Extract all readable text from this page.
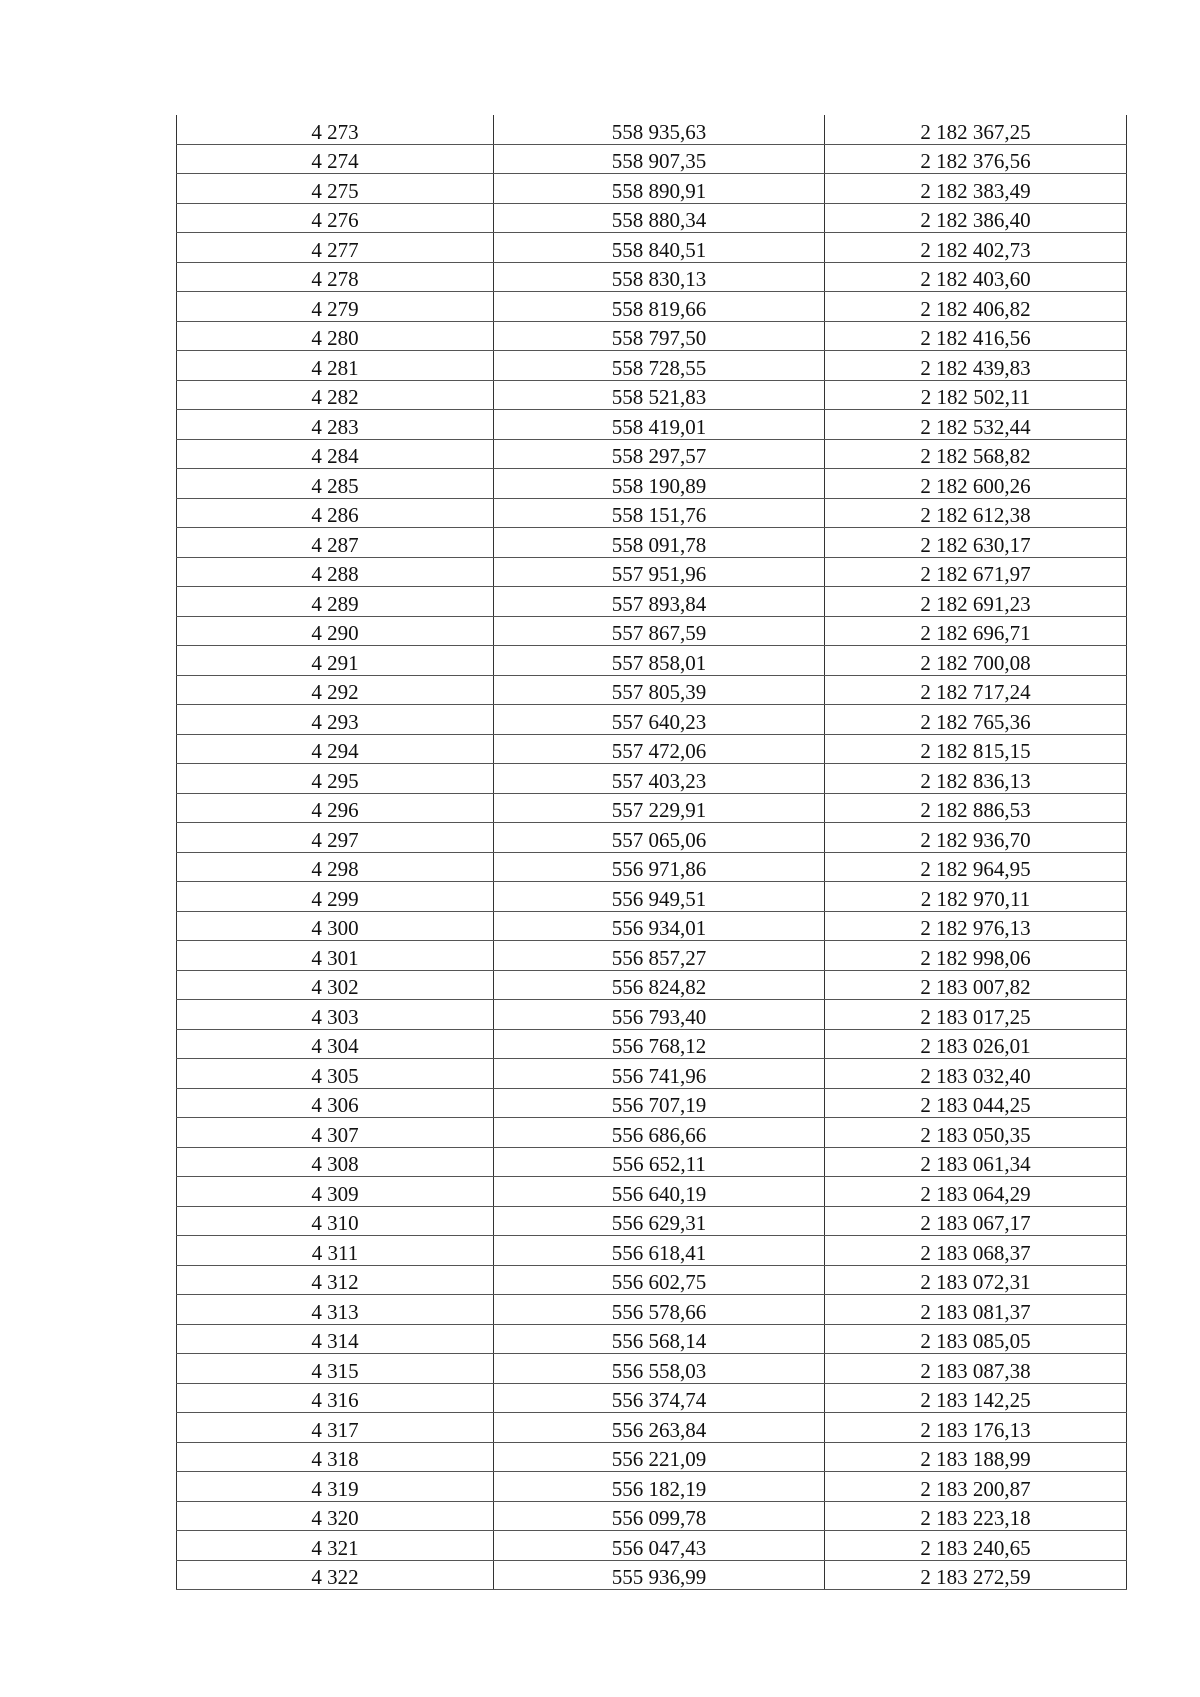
4 273	558 935,63	2 182 367,25
4 274	558 907,35	2 182 376,56
4 275	558 890,91	2 182 383,49
4 276	558 880,34	2 182 386,40
4 277	558 840,51	2 182 402,73
4 278	558 830,13	2 182 403,60
4 279	558 819,66	2 182 406,82
4 280	558 797,50	2 182 416,56
4 281	558 728,55	2 182 439,83
4 282	558 521,83	2 182 502,11
4 283	558 419,01	2 182 532,44
4 284	558 297,57	2 182 568,82
4 285	558 190,89	2 182 600,26
4 286	558 151,76	2 182 612,38
4 287	558 091,78	2 182 630,17
4 288	557 951,96	2 182 671,97
4 289	557 893,84	2 182 691,23
4 290	557 867,59	2 182 696,71
4 291	557 858,01	2 182 700,08
4 292	557 805,39	2 182 717,24
4 293	557 640,23	2 182 765,36
4 294	557 472,06	2 182 815,15
4 295	557 403,23	2 182 836,13
4 296	557 229,91	2 182 886,53
4 297	557 065,06	2 182 936,70
4 298	556 971,86	2 182 964,95
4 299	556 949,51	2 182 970,11
4 300	556 934,01	2 182 976,13
4 301	556 857,27	2 182 998,06
4 302	556 824,82	2 183 007,82
4 303	556 793,40	2 183 017,25
4 304	556 768,12	2 183 026,01
4 305	556 741,96	2 183 032,40
4 306	556 707,19	2 183 044,25
4 307	556 686,66	2 183 050,35
4 308	556 652,11	2 183 061,34
4 309	556 640,19	2 183 064,29
4 310	556 629,31	2 183 067,17
4 311	556 618,41	2 183 068,37
4 312	556 602,75	2 183 072,31
4 313	556 578,66	2 183 081,37
4 314	556 568,14	2 183 085,05
4 315	556 558,03	2 183 087,38
4 316	556 374,74	2 183 142,25
4 317	556 263,84	2 183 176,13
4 318	556 221,09	2 183 188,99
4 319	556 182,19	2 183 200,87
4 320	556 099,78	2 183 223,18
4 321	556 047,43	2 183 240,65
4 322	555 936,99	2 183 272,59
